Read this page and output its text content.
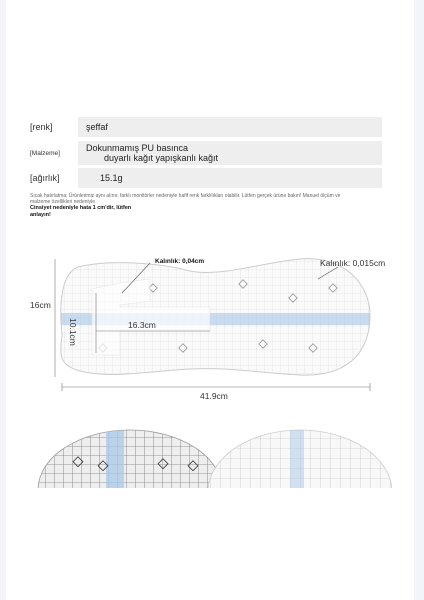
[renk]	şeffaf
[Malzeme]	Dokunmamış PU basınca
duyarlı kağıt yapışkanlı kağıt
[ağırlık]	15.1g
Sıcak hatırlatma: Ürünlerimiz aynı alınır, farklı monitörler nedeniyle hafif renk farklılıkları olabilir. Lütfen gerçek ürüne bakın! Manuel ölçüm ve
malzeme özellikleri nedeniyle
Cinsiyet nedeniyle hata 1 cm'dir, lütfen
anlayın!
16cm
10.1cm	16.3cm
41.9cm
Kalınlık: 0,04cm	Kalınlık: 0,015cm
